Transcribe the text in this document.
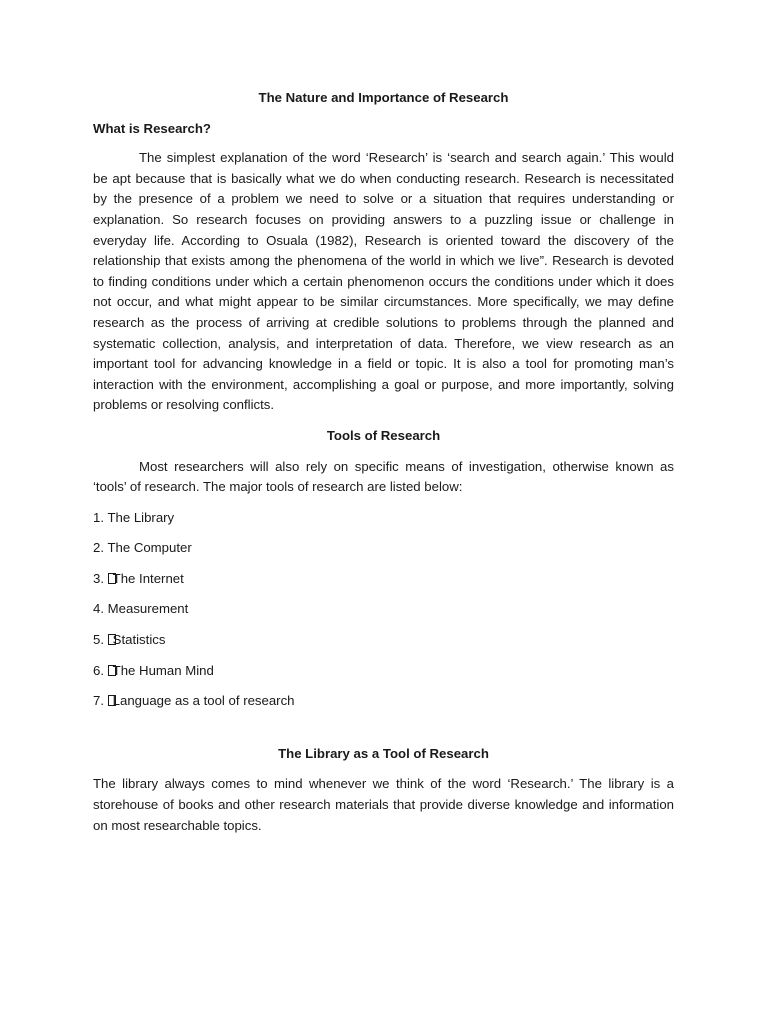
The Nature and Importance of Research
What is Research?

The simplest explanation of the word ‘Research’ is ‘search and search again.’ This would be apt because that is basically what we do when conducting research. Research is necessitated by the presence of a problem we need to solve or a situation that requires understanding or explanation. So research focuses on providing answers to a puzzling issue or challenge in everyday life. According to Osuala (1982), Research is oriented toward the discovery of the relationship that exists among the phenomena of the world in which we live”. Research is devoted to finding conditions under which a certain phenomenon occurs the conditions under which it does not occur, and what might appear to be similar circumstances. More specifically, we may define research as the process of arriving at credible solutions to problems through the planned and systematic collection, analysis, and interpretation of data. Therefore, we view research as an important tool for advancing knowledge in a field or topic. It is also a tool for promoting man’s interaction with the environment, accomplishing a goal or purpose, and more importantly, solving problems or resolving conflicts.

Tools of Research

Most researchers will also rely on specific means of investigation, otherwise known as ‘tools’ of research. The major tools of research are listed below:

1. The Library
2. The Computer
3. The Internet
4. Measurement
5. Statistics
6. The Human Mind
7. Language as a tool of research
The Library as a Tool of Research

The library always comes to mind whenever we think of the word ‘Research.’ The library is a storehouse of books and other research materials that provide diverse knowledge and information on most researchable topics.
